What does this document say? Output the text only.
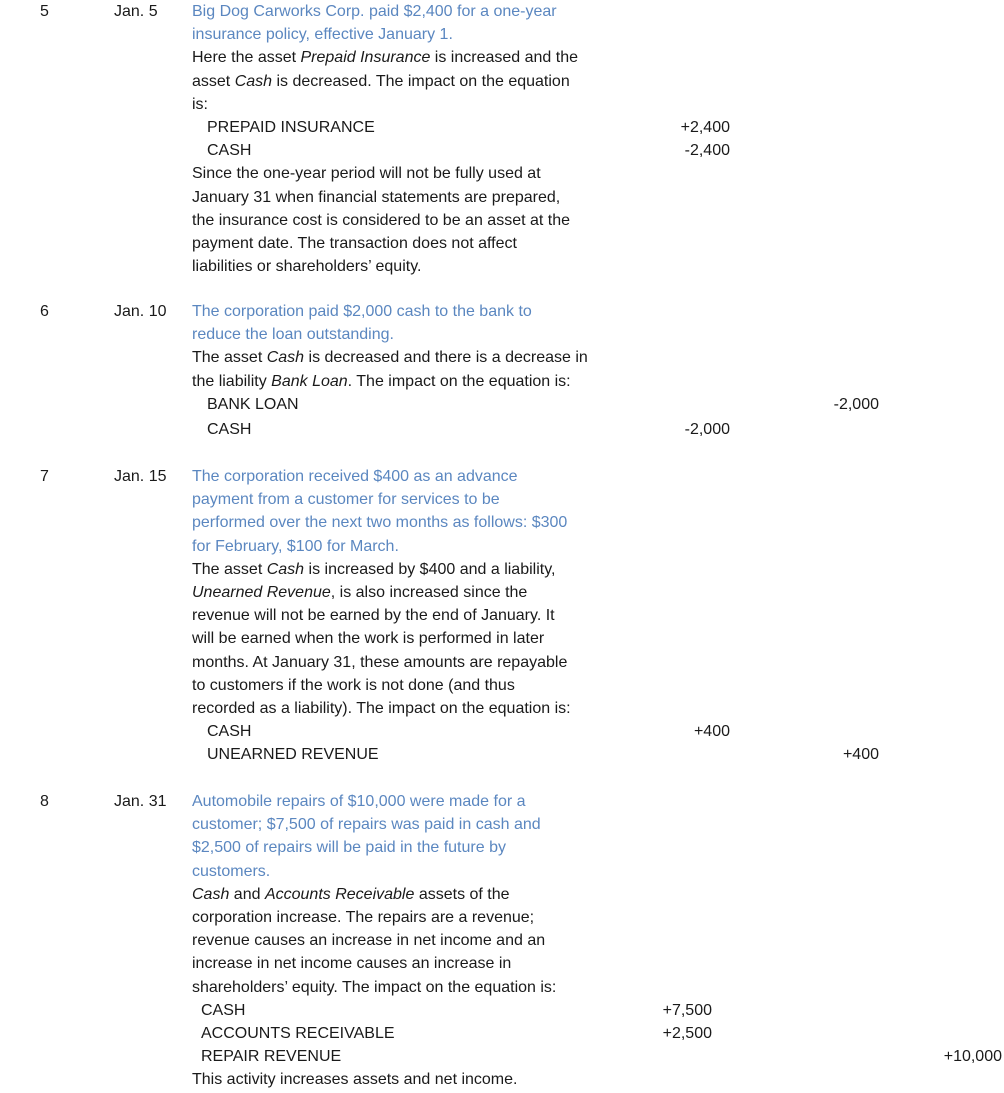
5	Jan. 5 Big Dog Carworks Corp. paid $2,400 for a one-year
insurance policy, effective January 1.
Here the asset Prepaid Insurance is increased and the
asset Cash is decreased. The impact on the equation
is:
PREPAID INSURANCE	+2,400
CASH	-2,400
Since the one-year period will not be fully used at
January 31 when financial statements are prepared,
the insurance cost is considered to be an asset at the
payment date. The transaction does not affect
liabilities or shareholders’ equity.
6	Jan. 10 The corporation paid $2,000 cash to the bank to
reduce the loan outstanding.
The asset Cash is decreased and there is a decrease in
the liability Bank Loan. The impact on the equation is:
BANK LOAN	-2,000
CASH	-2,000
7	Jan. 15 The corporation received $400 as an advance
payment from a customer for services to be
performed over the next two months as follows: $300
for February, $100 for March.
The asset Cash is increased by $400 and a liability,
Unearned Revenue, is also increased since the
revenue will not be earned by the end of January. It
will be earned when the work is performed in later
months. At January 31, these amounts are repayable
to customers if the work is not done (and thus
recorded as a liability). The impact on the equation is:
CASH	+400
UNEARNED REVENUE	+400
8	Jan. 31 Automobile repairs of $10,000 were made for a
customer; $7,500 of repairs was paid in cash and
$2,500 of repairs will be paid in the future by
customers.
Cash and Accounts Receivable assets of the
corporation increase. The repairs are a revenue;
revenue causes an increase in net income and an
increase in net income causes an increase in
shareholders’ equity. The impact on the equation is:
CASH	+7,500
ACCOUNTS RECEIVABLE	+2,500
REPAIR REVENUE	+10,000
This activity increases assets and net income.
